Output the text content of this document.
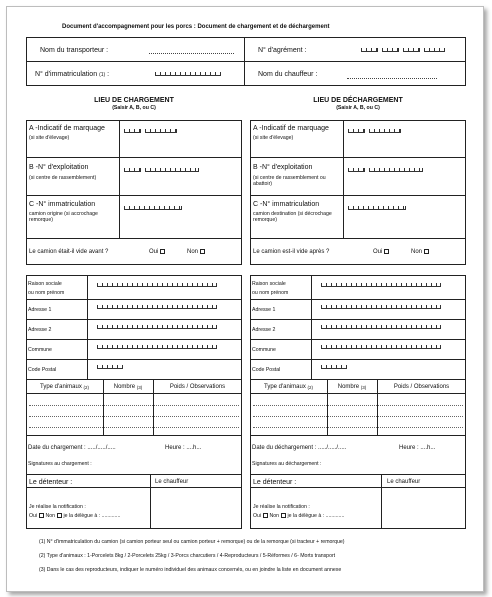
Document d'accompagnement pour les porcs : Document de chargement et de déchargement
Nom du transporteur :	N° d'agrément :
N° d'immatriculation $^{(1)}$ :	Nom du chauffeur :
LIEU DE CHARGEMENT
(Saisir A, B, ou C)
LIEU DE DÉCHARGEMENT
(Saisir A, B, ou C)
A -Indicatif de marquage
(si site d'élevage)
B -N° d'exploitation
(si centre de rassemblement)
C -N° immatriculation
camion origine (si accrochage remorque)
Le camion était-il vide avant ?	Oui	Non
A -Indicatif de marquage
(si site d'élevage)
B -N° d'exploitation
(si centre de rassemblement ou abattoir)
C -N° immatriculation
camion destination (si décrochage remorque)
Le camion est-il vide après ?	Oui	Non
Raison sociale
ou nom prénom
Adresse 1
Adresse 2
Commune
Code Postal
Type d'animaux $^{(2)}$	Nombre $^{(3)}$	Poids / Observations
Date du chargement : ...../...../.....	Heure : ....h...
Signatures au chargement :
Raison sociale
ou nom prénom
Adresse 1
Adresse 2
Commune
Code Postal
Type d'animaux $^{(2)}$	Nombre $^{(3)}$	Poids / Observations
Date du déchargement : ...../...../.....	Heure : ....h...
Signatures au déchargement :
Le détenteur :	Le chauffeur
Je réalise la notification :
Oui Non je la délègue à : .............
Le détenteur :	Le chauffeur
Je réalise la notification :
Oui Non je la délègue à : .............
(1) N° d'immatriculation du camion (si camion porteur seul ou camion porteur + remorque) ou de la remorque (si tracteur + remorque)
(2) Type d'animaux : 1-Porcelets 8kg / 2-Porcelets 25kg / 3-Porcs charcutiers / 4-Reproducteurs / 5-Réformes / 6- Morts transport
(3) Dans le cas des reproducteurs, indiquer le numéro individuel des animaux concernés, ou en joindre la liste en document annexe
